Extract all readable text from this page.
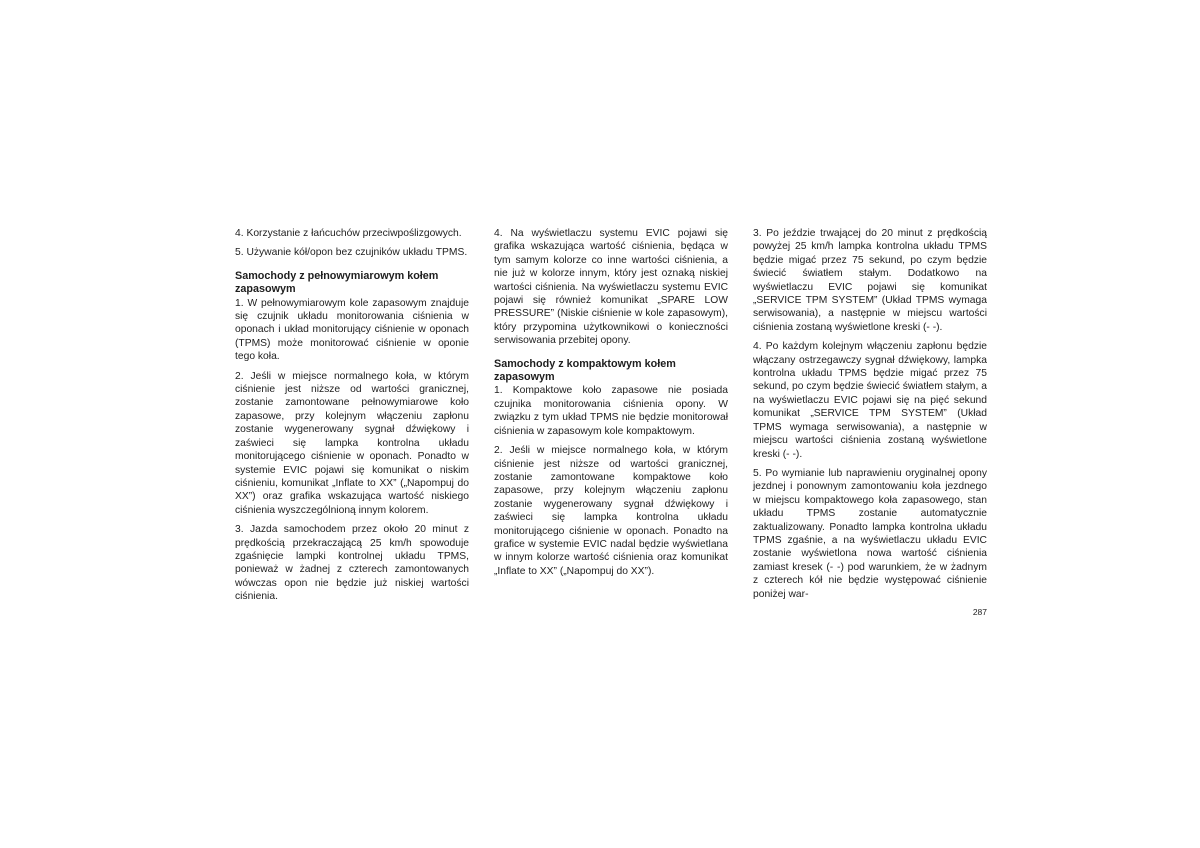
4. Korzystanie z łańcuchów przeciwpoślizgowych.

5. Używanie kół/opon bez czujników układu TPMS.

Samochody z pełnowymiarowym kołem zapasowym

1. W pełnowymiarowym kole zapasowym znajduje się czujnik układu monitorowania ciśnienia w oponach i układ monitorujący ciśnienie w oponach (TPMS) może monitorować ciśnienie w oponie tego koła.

2. Jeśli w miejsce normalnego koła, w którym ciśnienie jest niższe od wartości granicznej, zostanie zamontowane pełnowymiarowe koło zapasowe, przy kolejnym włączeniu zapłonu zostanie wygenerowany sygnał dźwiękowy i zaświeci się lampka kontrolna układu monitorującego ciśnienie w oponach. Ponadto w systemie EVIC pojawi się komunikat o niskim ciśnieniu, komunikat „Inflate to XX” („Napompuj do XX”) oraz grafika wskazująca wartość niskiego ciśnienia wyszczególnioną innym kolorem.

3. Jazda samochodem przez około 20 minut z prędkością przekraczającą 25 km/h spowoduje zgaśnięcie lampki kontrolnej układu TPMS, ponieważ w żadnej z czterech zamontowanych wówczas opon nie będzie już niskiej wartości ciśnienia.

4. Na wyświetlaczu systemu EVIC pojawi się grafika wskazująca wartość ciśnienia, będąca w tym samym kolorze co inne wartości ciśnienia, a nie już w kolorze innym, który jest oznaką niskiej wartości ciśnienia. Na wyświetlaczu systemu EVIC pojawi się również komunikat „SPARE LOW PRESSURE” (Niskie ciśnienie w kole zapasowym), który przypomina użytkownikowi o konieczności serwisowania przebitej opony.

Samochody z kompaktowym kołem zapasowym

1. Kompaktowe koło zapasowe nie posiada czujnika monitorowania ciśnienia opony. W związku z tym układ TPMS nie będzie monitorował ciśnienia w zapasowym kole kompaktowym.

2. Jeśli w miejsce normalnego koła, w którym ciśnienie jest niższe od wartości granicznej, zostanie zamontowane kompaktowe koło zapasowe, przy kolejnym włączeniu zapłonu zostanie wygenerowany sygnał dźwiękowy i zaświeci się lampka kontrolna układu monitorującego ciśnienie w oponach. Ponadto na grafice w systemie EVIC nadal będzie wyświetlana w innym kolorze wartość ciśnienia oraz komunikat „Inflate to XX” („Napompuj do XX”).

3. Po jeździe trwającej do 20 minut z prędkością powyżej 25 km/h lampka kontrolna układu TPMS będzie migać przez 75 sekund, po czym będzie świecić światłem stałym. Dodatkowo na wyświetlaczu EVIC pojawi się komunikat „SERVICE TPM SYSTEM” (Układ TPMS wymaga serwisowania), a następnie w miejscu wartości ciśnienia zostaną wyświetlone kreski (- -).

4. Po każdym kolejnym włączeniu zapłonu będzie włączany ostrzegawczy sygnał dźwiękowy, lampka kontrolna układu TPMS będzie migać przez 75 sekund, po czym będzie świecić światłem stałym, a na wyświetlaczu EVIC pojawi się na pięć sekund komunikat „SERVICE TPM SYSTEM” (Układ TPMS wymaga serwisowania), a następnie w miejscu wartości ciśnienia zostaną wyświetlone kreski (- -).

5. Po wymianie lub naprawieniu oryginalnej opony jezdnej i ponownym zamontowaniu koła jezdnego w miejscu kompaktowego koła zapasowego, stan układu TPMS zostanie automatycznie zaktualizowany. Ponadto lampka kontrolna układu TPMS zgaśnie, a na wyświetlaczu układu EVIC zostanie wyświetlona nowa wartość ciśnienia zamiast kresek (- -) pod warunkiem, że w żadnym z czterech kół nie będzie występować ciśnienie poniżej war-

287
